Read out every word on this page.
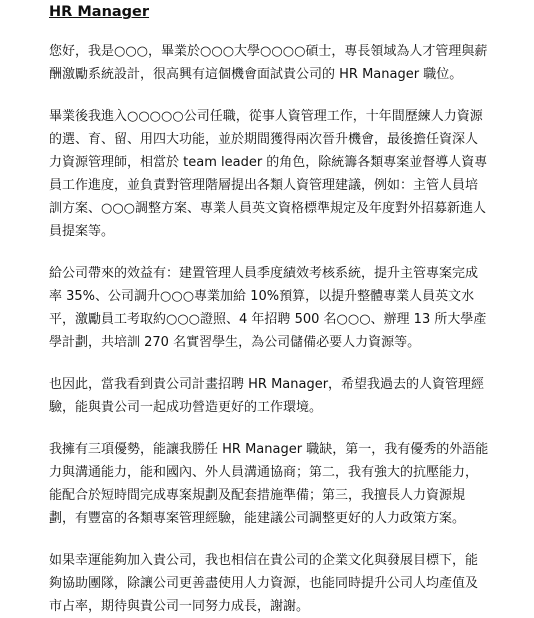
HR Manager

您好，我是○○○，畢業於○○○大學○○○○碩士，專長領域為人才管理與薪酬激勵系統設計，很高興有這個機會面試貴公司的 HR Manager 職位。

畢業後我進入○○○○○公司任職，從事人資管理工作，十年間歷練人力資源的選、育、留、用四大功能，並於期間獲得兩次晉升機會，最後擔任資深人力資源管理師，相當於 team leader 的角色，除統籌各類專案並督導人資專員工作進度，並負責對管理階層提出各類人資管理建議，例如：主管人員培訓方案、○○○調整方案、專業人員英文資格標準規定及年度對外招募新進人員提案等。

給公司帶來的效益有：建置管理人員季度績效考核系統，提升主管專案完成率 35%、公司調升○○○專業加給 10%預算，以提升整體專業人員英文水平，激勵員工考取約○○○證照、4 年招聘 500 名○○○、辦理 13 所大學產學計劃，共培訓 270 名實習學生，為公司儲備必要人力資源等。

也因此，當我看到貴公司計畫招聘 HR Manager，希望我過去的人資管理經驗，能與貴公司一起成功營造更好的工作環境。

我擁有三項優勢，能讓我勝任 HR Manager 職缺，第一，我有優秀的外語能力與溝通能力，能和國內、外人員溝通協商；第二，我有強大的抗壓能力，能配合於短時間完成專案規劃及配套措施準備；第三，我擅長人力資源規劃，有豐富的各類專案管理經驗，能建議公司調整更好的人力政策方案。

如果幸運能夠加入貴公司，我也相信在貴公司的企業文化與發展目標下，能夠協助團隊，除讓公司更善盡使用人力資源，也能同時提升公司人均產值及市占率，期待與貴公司一同努力成長，謝謝。
